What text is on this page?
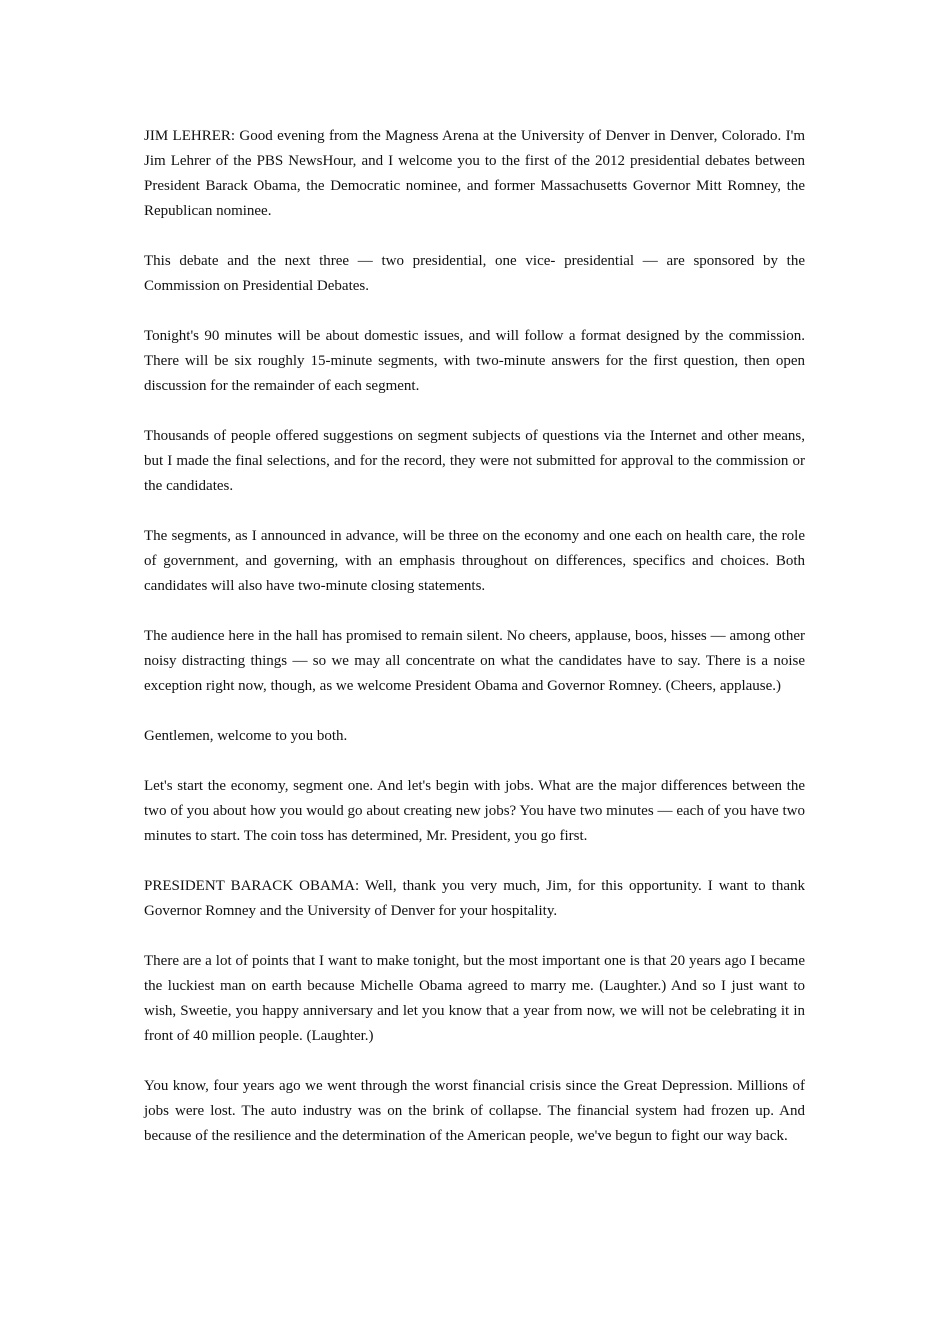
JIM LEHRER: Good evening from the Magness Arena at the University of Denver in Denver, Colorado. I'm Jim Lehrer of the PBS NewsHour, and I welcome you to the first of the 2012 presidential debates between President Barack Obama, the Democratic nominee, and former Massachusetts Governor Mitt Romney, the Republican nominee.

This debate and the next three — two presidential, one vice- presidential — are sponsored by the Commission on Presidential Debates.

Tonight's 90 minutes will be about domestic issues, and will follow a format designed by the commission. There will be six roughly 15-minute segments, with two-minute answers for the first question, then open discussion for the remainder of each segment.

Thousands of people offered suggestions on segment subjects of questions via the Internet and other means, but I made the final selections, and for the record, they were not submitted for approval to the commission or the candidates.

The segments, as I announced in advance, will be three on the economy and one each on health care, the role of government, and governing, with an emphasis throughout on differences, specifics and choices. Both candidates will also have two-minute closing statements.

The audience here in the hall has promised to remain silent. No cheers, applause, boos, hisses — among other noisy distracting things — so we may all concentrate on what the candidates have to say. There is a noise exception right now, though, as we welcome President Obama and Governor Romney. (Cheers, applause.)

Gentlemen, welcome to you both.

Let's start the economy, segment one. And let's begin with jobs. What are the major differences between the two of you about how you would go about creating new jobs? You have two minutes — each of you have two minutes to start. The coin toss has determined, Mr. President, you go first.

PRESIDENT BARACK OBAMA: Well, thank you very much, Jim, for this opportunity. I want to thank Governor Romney and the University of Denver for your hospitality.

There are a lot of points that I want to make tonight, but the most important one is that 20 years ago I became the luckiest man on earth because Michelle Obama agreed to marry me. (Laughter.) And so I just want to wish, Sweetie, you happy anniversary and let you know that a year from now, we will not be celebrating it in front of 40 million people. (Laughter.)

You know, four years ago we went through the worst financial crisis since the Great Depression. Millions of jobs were lost. The auto industry was on the brink of collapse. The financial system had frozen up. And because of the resilience and the determination of the American people, we've begun to fight our way back.
